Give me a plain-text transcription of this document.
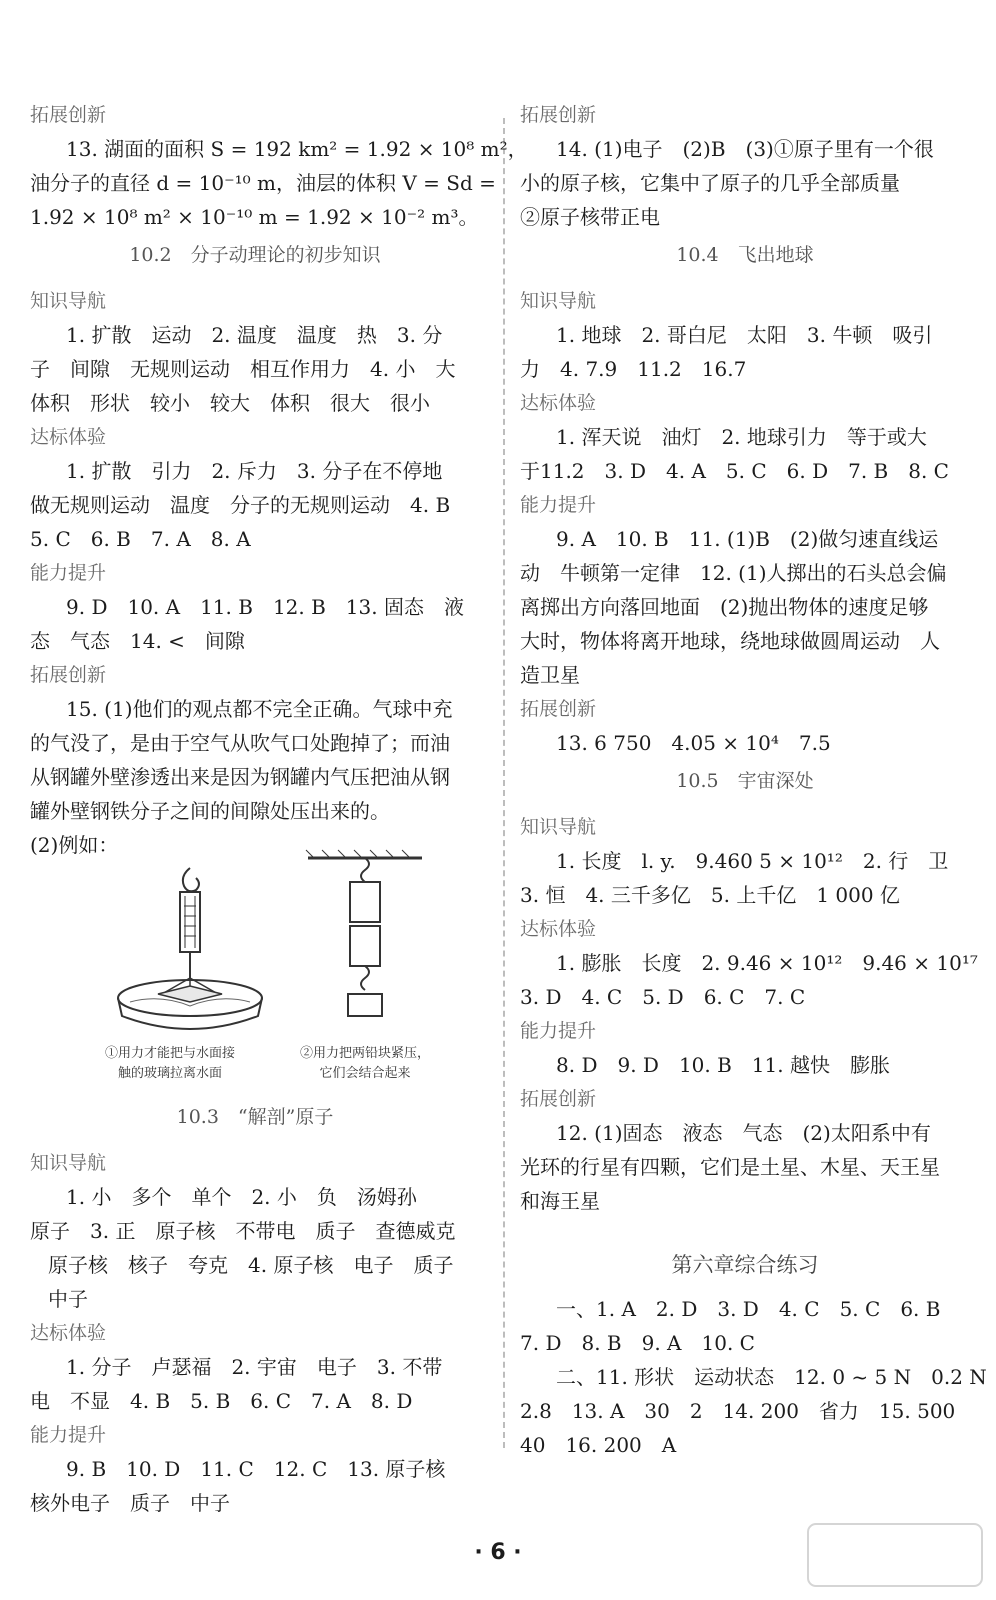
拓展创新
13. 湖面的面积 S = 192 km² = 1.92 × 10⁸ m²，
油分子的直径 d = 10⁻¹⁰ m，油层的体积 V = Sd =
1.92 × 10⁸ m² × 10⁻¹⁰ m = 1.92 × 10⁻² m³。
10.2　分子动理论的初步知识
知识导航
1. 扩散　运动　2. 温度　温度　热　3. 分
子　间隙　无规则运动　相互作用力　4. 小　大
体积　形状　较小　较大　体积　很大　很小
达标体验
1. 扩散　引力　2. 斥力　3. 分子在不停地
做无规则运动　温度　分子的无规则运动　4. B
5. C　6. B　7. A　8. A
能力提升
9. D　10. A　11. B　12. B　13. 固态　液
态　气态　14. <　间隙
拓展创新
15. (1)他们的观点都不完全正确。气球中充
的气没了，是由于空气从吹气口处跑掉了；而油
从钢罐外壁渗透出来是因为钢罐内气压把油从钢
罐外壁钢铁分子之间的间隙处压出来的。
(2)例如：
①用力才能把与水面接
触的玻璃拉离水面
②用力把两铅块紧压，
它们会结合起来
10.3　“解剖”原子
知识导航
1. 小　多个　单个　2. 小　负　汤姆孙
原子　3. 正　原子核　不带电　质子　查德威克
原子核　核子　夸克　4. 原子核　电子　质子
中子
达标体验
1. 分子　卢瑟福　2. 宇宙　电子　3. 不带
电　不显　4. B　5. B　6. C　7. A　8. D
能力提升
9. B　10. D　11. C　12. C　13. 原子核
核外电子　质子　中子
拓展创新
14. (1)电子　(2)B　(3)①原子里有一个很
小的原子核，它集中了原子的几乎全部质量
②原子核带正电
10.4　飞出地球
知识导航
1. 地球　2. 哥白尼　太阳　3. 牛顿　吸引
力　4. 7.9　11.2　16.7
达标体验
1. 浑天说　油灯　2. 地球引力　等于或大
于11.2　3. D　4. A　5. C　6. D　7. B　8. C
能力提升
9. A　10. B　11. (1)B　(2)做匀速直线运
动　牛顿第一定律　12. (1)人掷出的石头总会偏
离掷出方向落回地面　(2)抛出物体的速度足够
大时，物体将离开地球，绕地球做圆周运动　人
造卫星
拓展创新
13. 6 750　4.05 × 10⁴　7.5
10.5　宇宙深处
知识导航
1. 长度　l. y.　9.460 5 × 10¹²　2. 行　卫
3. 恒　4. 三千多亿　5. 上千亿　1 000 亿
达标体验
1. 膨胀　长度　2. 9.46 × 10¹²　9.46 × 10¹⁷
3. D　4. C　5. D　6. C　7. C
能力提升
8. D　9. D　10. B　11. 越快　膨胀
拓展创新
12. (1)固态　液态　气态　(2)太阳系中有
光环的行星有四颗，它们是土星、木星、天王星
和海王星
第六章综合练习
一、1. A　2. D　3. D　4. C　5. C　6. B
7. D　8. B　9. A　10. C
二、11. 形状　运动状态　12. 0 ~ 5 N　0.2 N
2.8　13. A　30　2　14. 200　省力　15. 500
40　16. 200　A
· 6 ·
